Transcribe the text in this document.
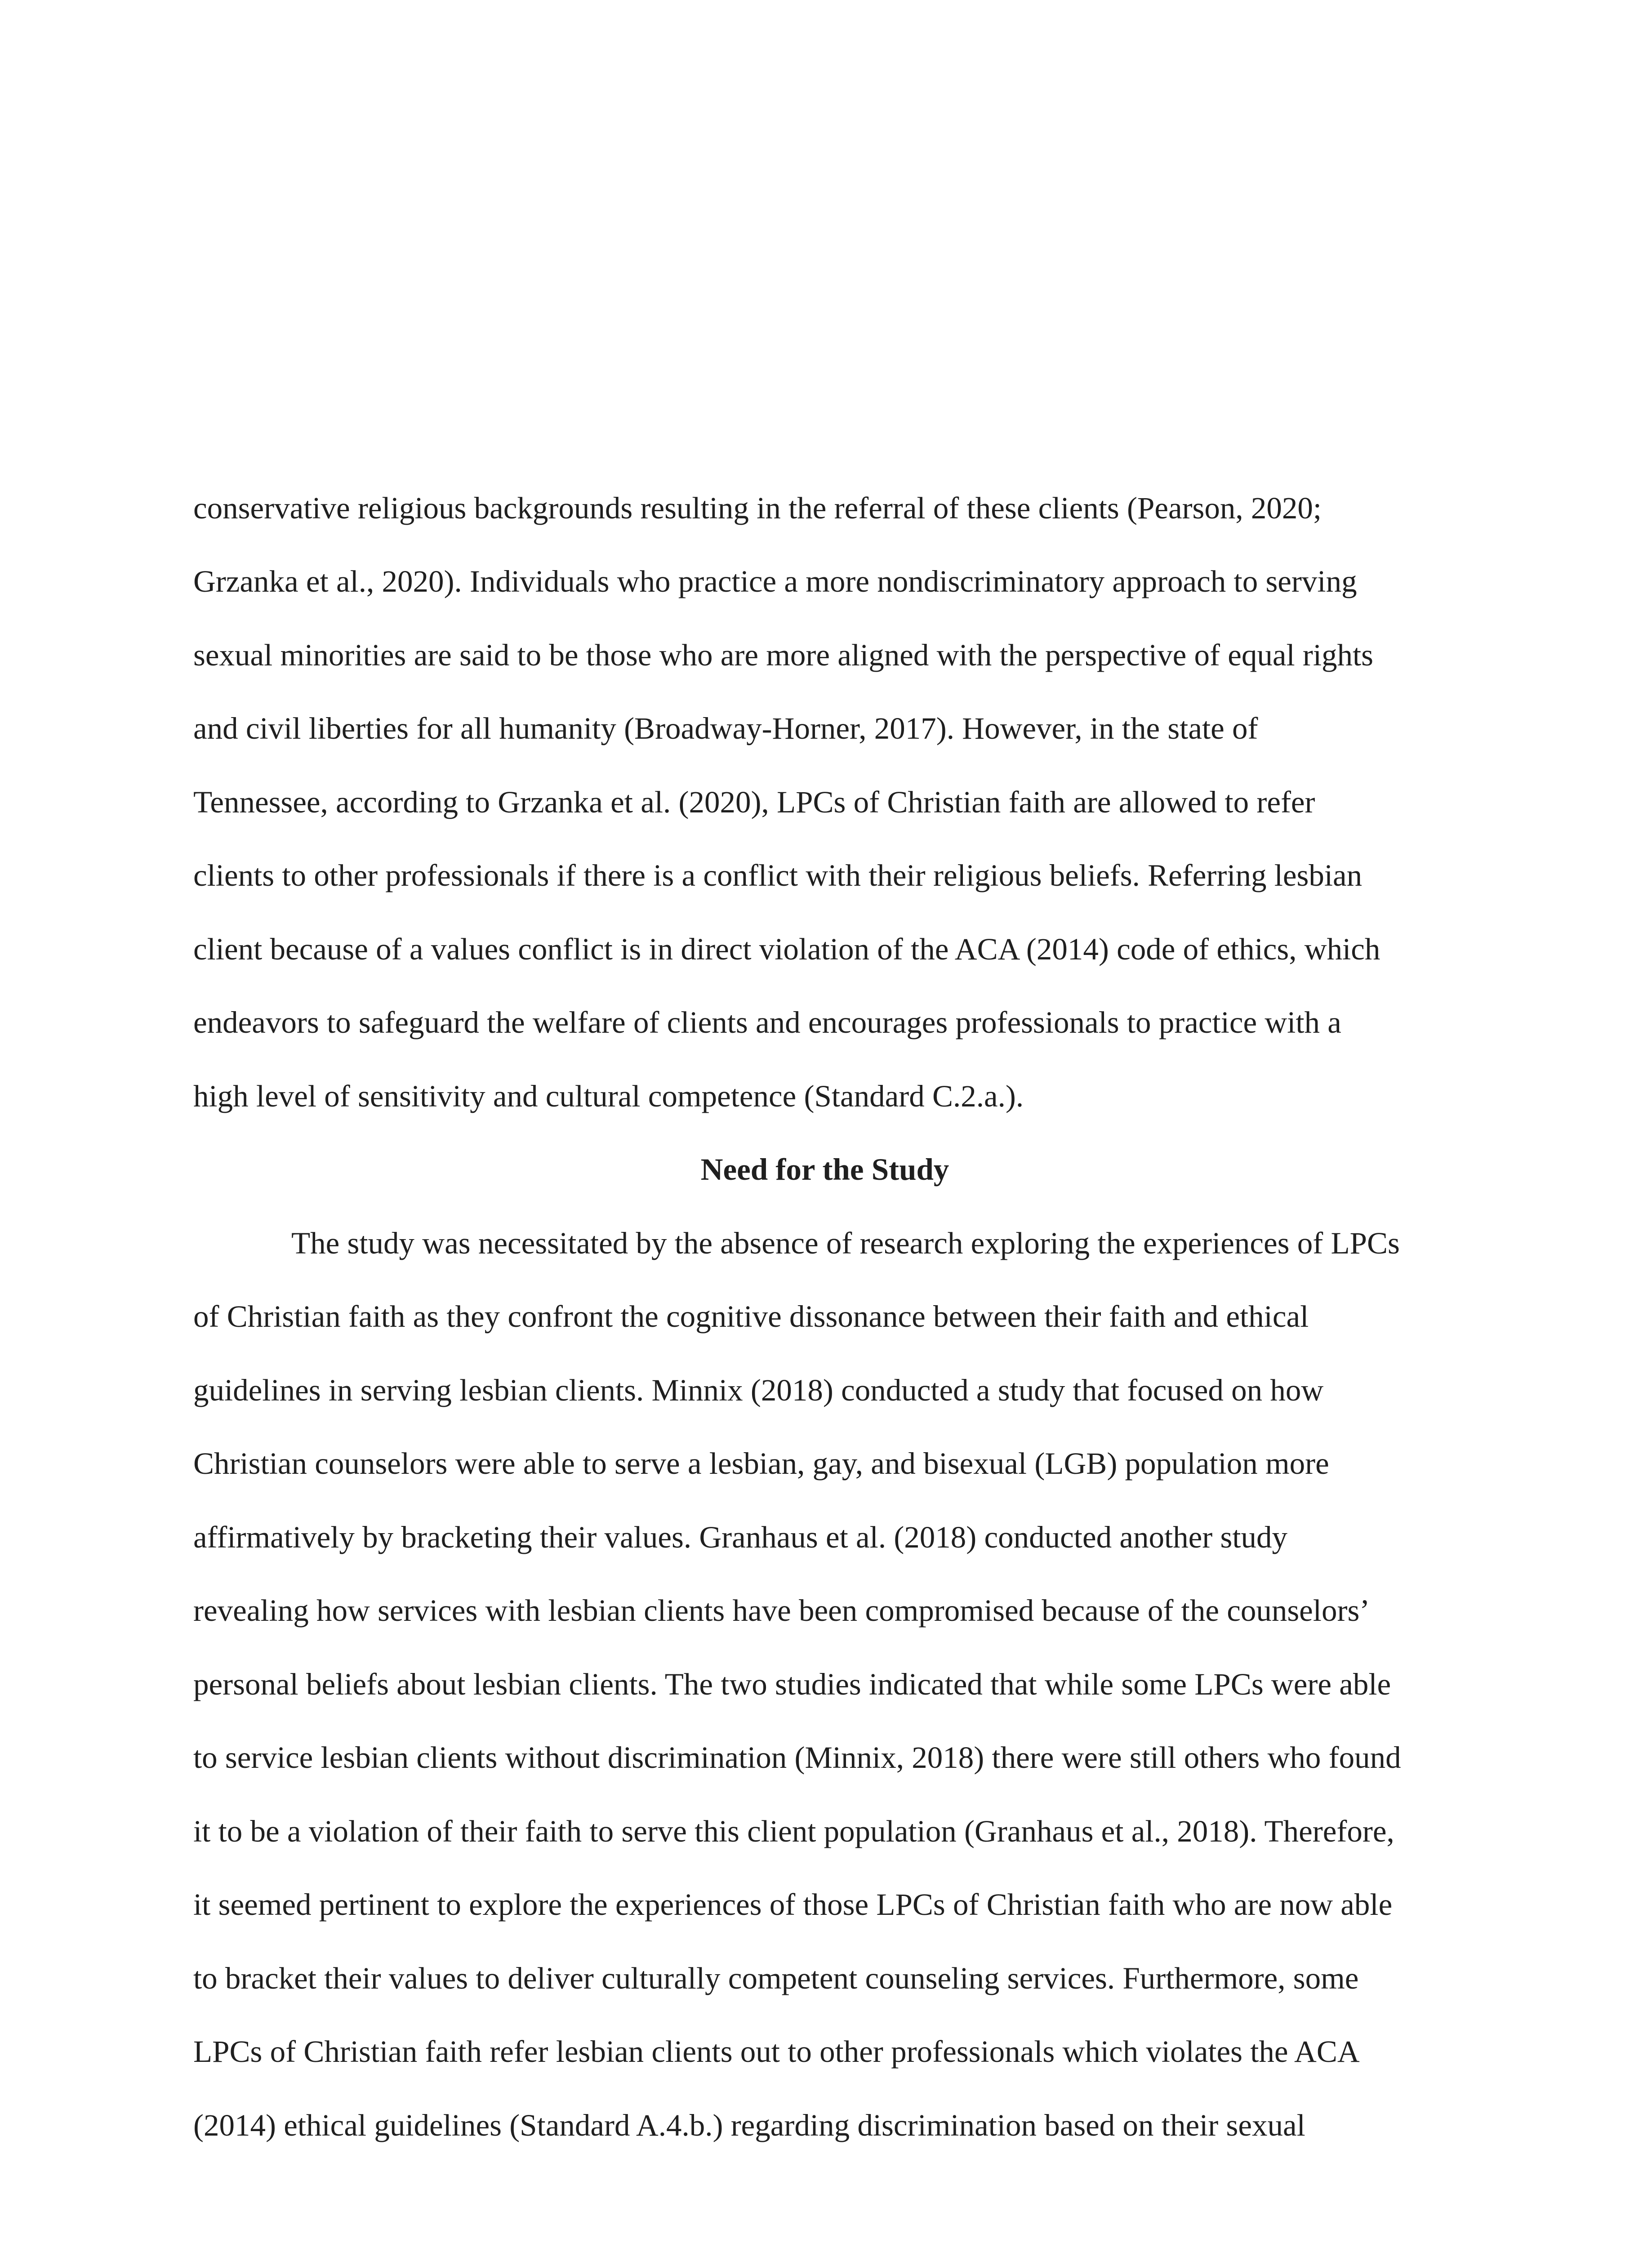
conservative religious backgrounds resulting in the referral of these clients (Pearson, 2020;
Grzanka et al., 2020). Individuals who practice a more nondiscriminatory approach to serving
sexual minorities are said to be those who are more aligned with the perspective of equal rights
and civil liberties for all humanity (Broadway-Horner, 2017). However, in the state of
Tennessee, according to Grzanka et al. (2020), LPCs of Christian faith are allowed to refer
clients to other professionals if there is a conflict with their religious beliefs. Referring lesbian
client because of a values conflict is in direct violation of the ACA (2014) code of ethics, which
endeavors to safeguard the welfare of clients and encourages professionals to practice with a
high level of sensitivity and cultural competence (Standard C.2.a.).
Need for the Study
The study was necessitated by the absence of research exploring the experiences of LPCs
of Christian faith as they confront the cognitive dissonance between their faith and ethical
guidelines in serving lesbian clients. Minnix (2018) conducted a study that focused on how
Christian counselors were able to serve a lesbian, gay, and bisexual (LGB) population more
affirmatively by bracketing their values. Granhaus et al. (2018) conducted another study
revealing how services with lesbian clients have been compromised because of the counselors’
personal beliefs about lesbian clients. The two studies indicated that while some LPCs were able
to service lesbian clients without discrimination (Minnix, 2018) there were still others who found
it to be a violation of their faith to serve this client population (Granhaus et al., 2018). Therefore,
it seemed pertinent to explore the experiences of those LPCs of Christian faith who are now able
to bracket their values to deliver culturally competent counseling services. Furthermore, some
LPCs of Christian faith refer lesbian clients out to other professionals which violates the ACA
(2014) ethical guidelines (Standard A.4.b.) regarding discrimination based on their sexual
